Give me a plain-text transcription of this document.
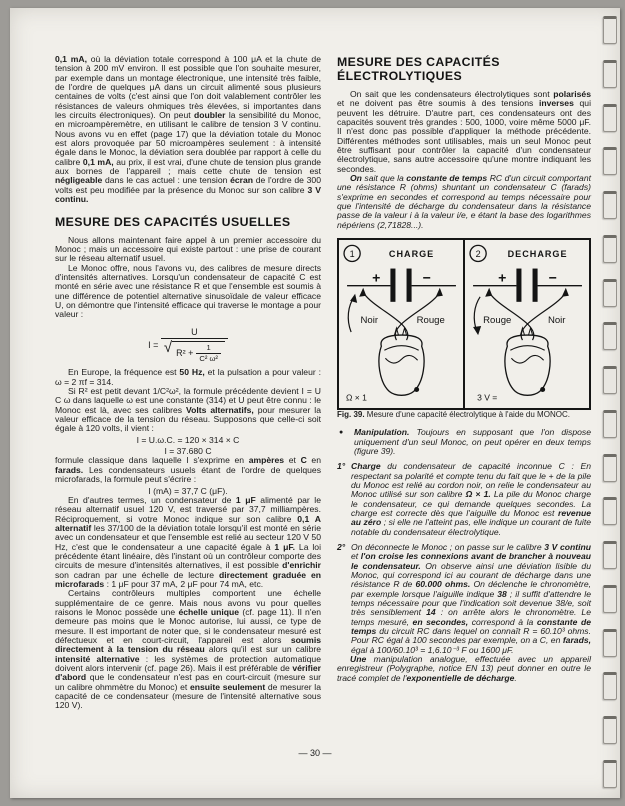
0,1 mA, où la déviation totale correspond à 100 μA et la chute de tension à 200 mV environ. Il est possible que l'on souhaite mesurer, par exemple dans un montage électronique, une intensité très faible, de l'ordre de quelques μA dans un circuit alimenté sous plusieurs centaines de volts (c'est ainsi que l'on doit valablement contrôler les résistances de valeurs ohmiques très élevées, si importantes dans les circuits électroniques). On peut doubler la sensibilité du Monoc, en microampèremètre, en utilisant le calibre de tension 3 V continu. Nous avons vu en effet (page 17) que la déviation totale du Monoc est alors provoquée par 50 microampères seulement : à intensité égale dans le Monoc, la déviation sera doublée par rapport à celle du calibre 0,1 mA, au prix, il est vrai, d'une chute de tension plus grande aux bornes de l'appareil ; mais cette chute de tension est négligeable dans le cas actuel : une tension écran de l'ordre de 300 volts est peu modifiée par la présence du Monoc sur son calibre 3 V continu.

MESURE DES CAPACITÉS USUELLES

Nous allons maintenant faire appel à un premier accessoire du Monoc ; mais un accessoire qui existe partout : une prise de courant sur le réseau alternatif usuel.

Le Monoc offre, nous l'avons vu, des calibres de mesure directs d'intensités alternatives. Lorsqu'un condensateur de capacité C est monté en série avec une résistance R et que l'ensemble est soumis à une différence de potentiel alternative sinusoïdale de valeur efficace U, on démontre que l'intensité efficace qui traverse le montage a pour valeur :

I =
U
√ $R^2 + \frac{1}{\text{C² ω²}}$

En Europe, la fréquence est 50 Hz, et la pulsation a pour valeur : ω = 2 πf = 314.

Si R² est petit devant 1/C²ω², la formule précédente devient I = U C ω dans laquelle ω est une constante (314) et U peut être connu : le Monoc est là, avec ses calibres Volts alternatifs, pour mesurer la valeur efficace de la tension du réseau. Supposons que celle-ci soit égale à 120 volts, il vient :

I = U.ω.C. = 120 × 314 × C
I = 37.680 C

formule classique dans laquelle I s'exprime en ampères et C en farads. Les condensateurs usuels étant de l'ordre de quelques microfarads, la formule peut s'écrire :

I (mA) = 37,7 C (μF).

En d'autres termes, un condensateur de 1 μF alimenté par le réseau alternatif usuel 120 V, est traversé par 37,7 milliampères. Réciproquement, si votre Monoc indique sur son calibre 0,1 A alternatif les 37/100 de la déviation totale lorsqu'il est monté en série avec un condensateur et que l'ensemble est relié au secteur 120 V 50 Hz, c'est que le condensateur a une capacité égale à 1 μF. La loi précédente étant linéaire, dès l'instant où un contrôleur comporte des circuits de mesure d'intensités alternatives, il est possible d'enrichir son cadran par une échelle de lecture directement graduée en microfarads : 1 μF pour 37 mA, 2 μF pour 74 mA, etc.

Certains contrôleurs multiples comportent une échelle supplémentaire de ce genre. Mais nous avons vu pour quelles raisons le Monoc possède une échelle unique (cf. page 11). Il n'en demeure pas moins que le Monoc autorise, lui aussi, ce type de mesure. Il est important de noter que, si le condensateur mesuré est défectueux et en court-circuit, l'appareil est alors soumis directement à la tension du réseau alors qu'il est sur un calibre intensité alternative : les systèmes de protection automatique doivent alors intervenir (cf. page 26). Mais il est préférable de vérifier d'abord que le condensateur n'est pas en court-circuit (mesure sur un calibre ohmmètre du Monoc) et ensuite seulement de mesurer la capacité de ce condensateur (mesure de l'intensité alternative sous 120 V).

MESURE DES CAPACITÉS
ÉLECTROLYTIQUES

On sait que les condensateurs électrolytiques sont polarisés et ne doivent pas être soumis à des tensions inverses qui peuvent les détruire. D'autre part, ces condensateurs ont des capacités souvent très grandes : 500, 1000, voire même 5000 μF. Il n'est donc pas possible d'appliquer la méthode précédente. Différentes méthodes sont utilisables, mais un seul Monoc peut être suffisant pour contrôler la capacité d'un condensateur électrolytique, sans autre accessoire qu'une montre indiquant les secondes.

On sait que la constante de temps RC d'un circuit comportant une résistance R (ohms) shuntant un condensateur C (farads) s'exprime en secondes et correspond au temps nécessaire pour que l'intensité de décharge du condensateur dans la résistance passe de la valeur i à la valeur i/e, e étant la base des logarithmes népériens (2,71828...).

1	CHARGE
+	−
Noir	Rouge
Ω × 1
2	DECHARGE
+	−
Rouge	Noir
3 V =

Fig. 39. Mesure d'une capacité électrolytique à l'aide du MONOC.

● Manipulation. Toujours en supposant que l'on dispose uniquement d'un seul Monoc, on peut opérer en deux temps (figure 39).
1° Charge du condensateur de capacité inconnue C : En respectant sa polarité et compte tenu du fait que le + de la pile du Monoc est relié au cordon noir, on relie le condensateur au Monoc utilisé sur son calibre Ω × 1. La pile du Monoc charge le condensateur, ce qui demande quelques secondes. La charge est correcte dès que l'aiguille du Monoc est revenue au zéro ; si elle ne l'atteint pas, elle indique un courant de fuite notable du condensateur électrolytique.
2° On déconnecte le Monoc ; on passe sur le calibre 3 V continu et l'on croise les connexions avant de brancher à nouveau le condensateur. On observe ainsi une déviation lisible du Monoc, qui correspond ici au courant de décharge dans une résistance R de 60.000 ohms. On déclenche le chronomètre, par exemple lorsque l'aiguille indique 38 ; il suffit d'attendre le temps nécessaire pour que l'indication soit devenue 38/e, soit très sensiblement 14 : on arrête alors le chronomètre. Le temps mesuré, en secondes, correspond à la constante de temps du circuit RC dans lequel on connaît R = 60.10³ ohms. Pour RC égal à 100 secondes par exemple, on a C, en farads, égal à 100/60.10³ = 1,6.10⁻³ F ou 1600 μF.

Une manipulation analogue, effectuée avec un appareil enregistreur (Polygraphe, notice EN 13) peut donner en outre le tracé complet de l'exponentielle de décharge.

— 30 —
